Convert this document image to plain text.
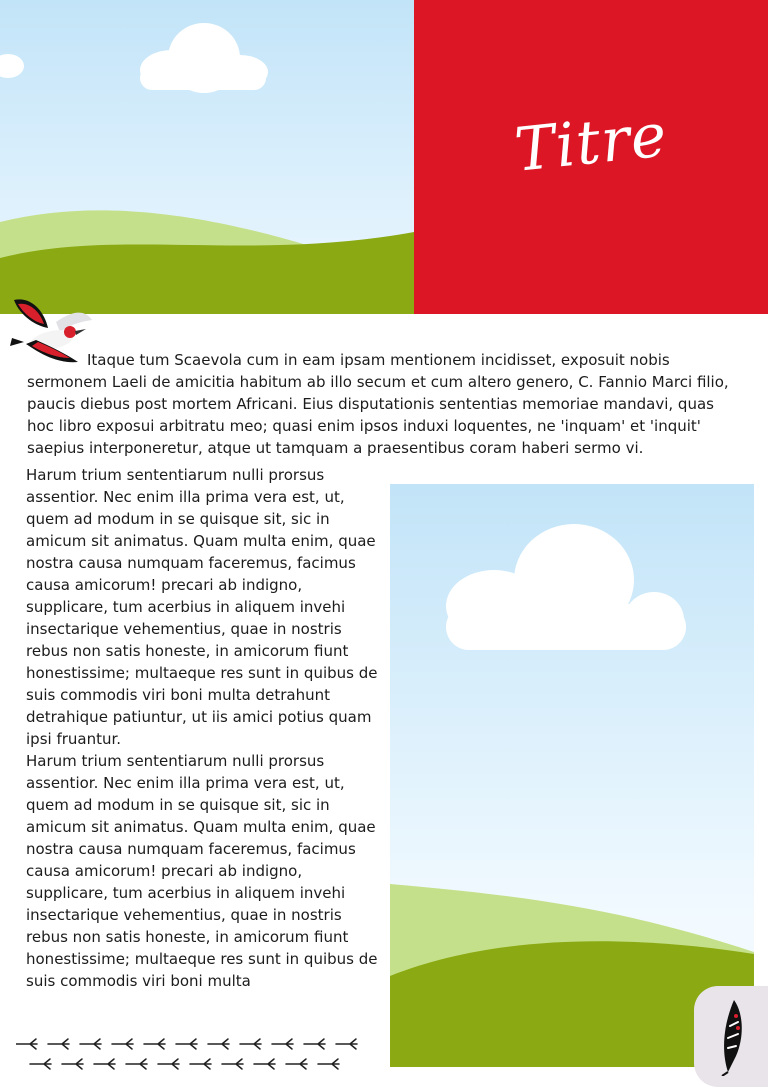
Titre

Itaque tum Scaevola cum in eam ipsam mentionem incidisset, exposuit nobis sermonem Laeli de amicitia habitum ab illo secum et cum altero genero, C. Fannio Marci filio, paucis diebus post mortem Africani. Eius disputationis sententias memoriae mandavi, quas hoc libro exposui arbitratu meo; quasi enim ipsos induxi loquentes, ne 'inquam' et 'inquit' saepius interponeretur, atque ut tamquam a praesentibus coram haberi sermo vi.

Harum trium sententiarum nulli prorsus assentior. Nec enim illa prima vera est, ut, quem ad modum in se quisque sit, sic in amicum sit animatus. Quam multa enim, quae nostra causa numquam faceremus, facimus causa amicorum! precari ab indigno, supplicare, tum acerbius in aliquem invehi insectarique vehementius, quae in nostris rebus non satis honeste, in amicorum fiunt honestissime; multaeque res sunt in quibus de suis commodis viri boni multa detrahunt detrahique patiuntur, ut iis amici potius quam ipsi fruantur.

Harum trium sententiarum nulli prorsus assentior. Nec enim illa prima vera est, ut, quem ad modum in se quisque sit, sic in amicum sit animatus. Quam multa enim, quae nostra causa numquam faceremus, facimus causa amicorum! precari ab indigno, supplicare, tum acerbius in aliquem invehi insectarique vehementius, quae in nostris rebus non satis honeste, in amicorum fiunt honestissime; multaeque res sunt in quibus de suis commodis viri boni multa
